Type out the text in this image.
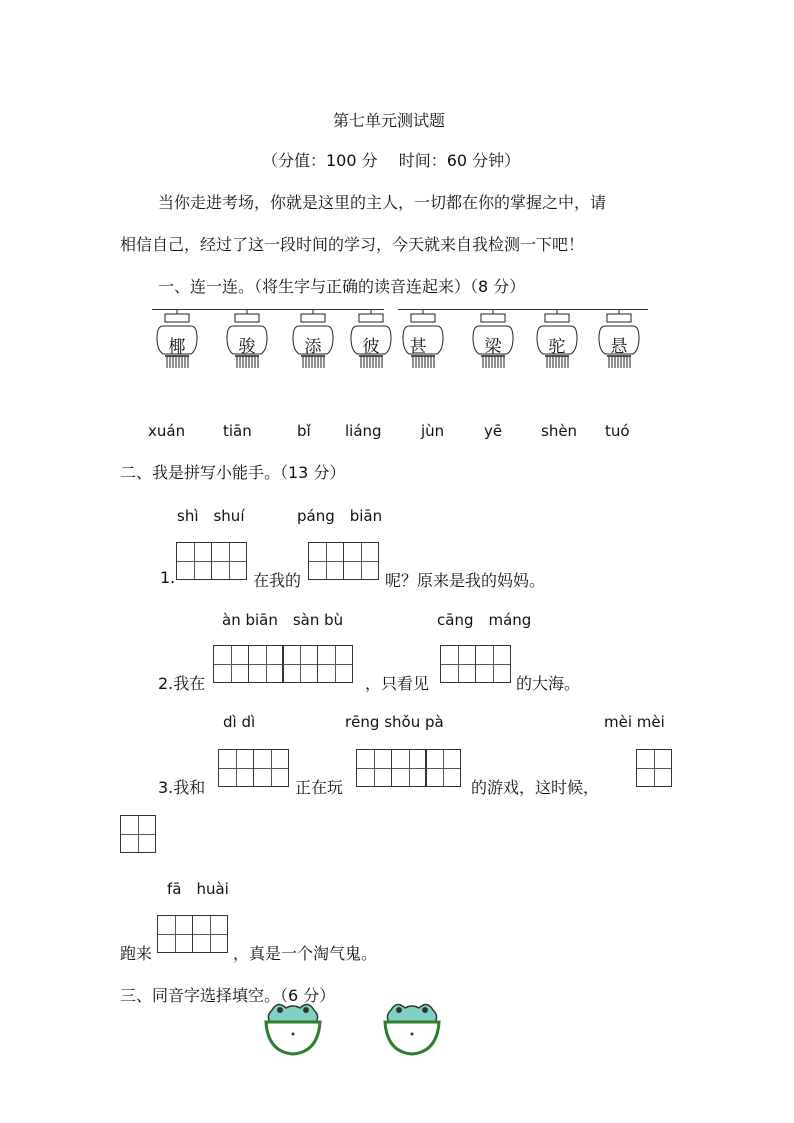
第七单元测试题
（分值：100 分　 时间：60 分钟）
当你走进考场，你就是这里的主人，一切都在你的掌握之中，请
相信自己，经过了这一段时间的学习，今天就来自我检测一下吧！
一、连一连。（将生字与正确的读音连起来）（8 分）
椰	骏	添	彼	甚	梁	驼	悬
xuán	tiān	bǐ liáng	jùn	yē	shèn tuó
二、我是拼写小能手。（13 分）
shì　shuí	páng　biān
1.	在我的	呢？原来是我的妈妈。
àn biān　sàn bù	cāng　máng
2.我在	，只看见	的大海。
dì dì	rēng shǒu pà	mèi mèi
3.我和	正在玩	的游戏，这时候，
fā　huài
跑来	，真是一个淘气鬼。
三、同音字选择填空。（6 分）
